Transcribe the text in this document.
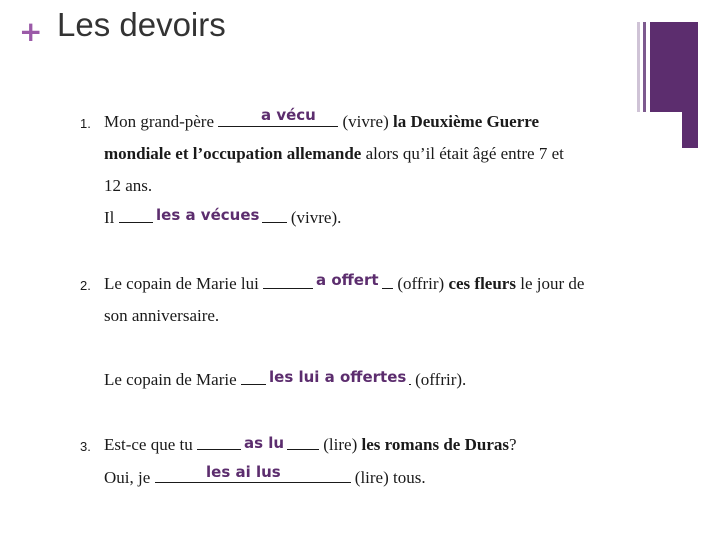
+ Les devoirs
1. Mon grand-père	(vivre) la Deuxième Guerre
mondiale et l’occupation allemande alors qu’il était âgé entre 7 et
12 ans.
Il	(vivre).
a vécu
les a vécues
2. Le copain de Marie lui	(offrir) ces fleurs le jour de
son anniversaire.
Le copain de Marie	(offrir).
a offert
les lui a offertes
3. Est-ce que tu	(lire) les romans de Duras?
Oui, je	(lire) tous.
as lu
les ai lus
